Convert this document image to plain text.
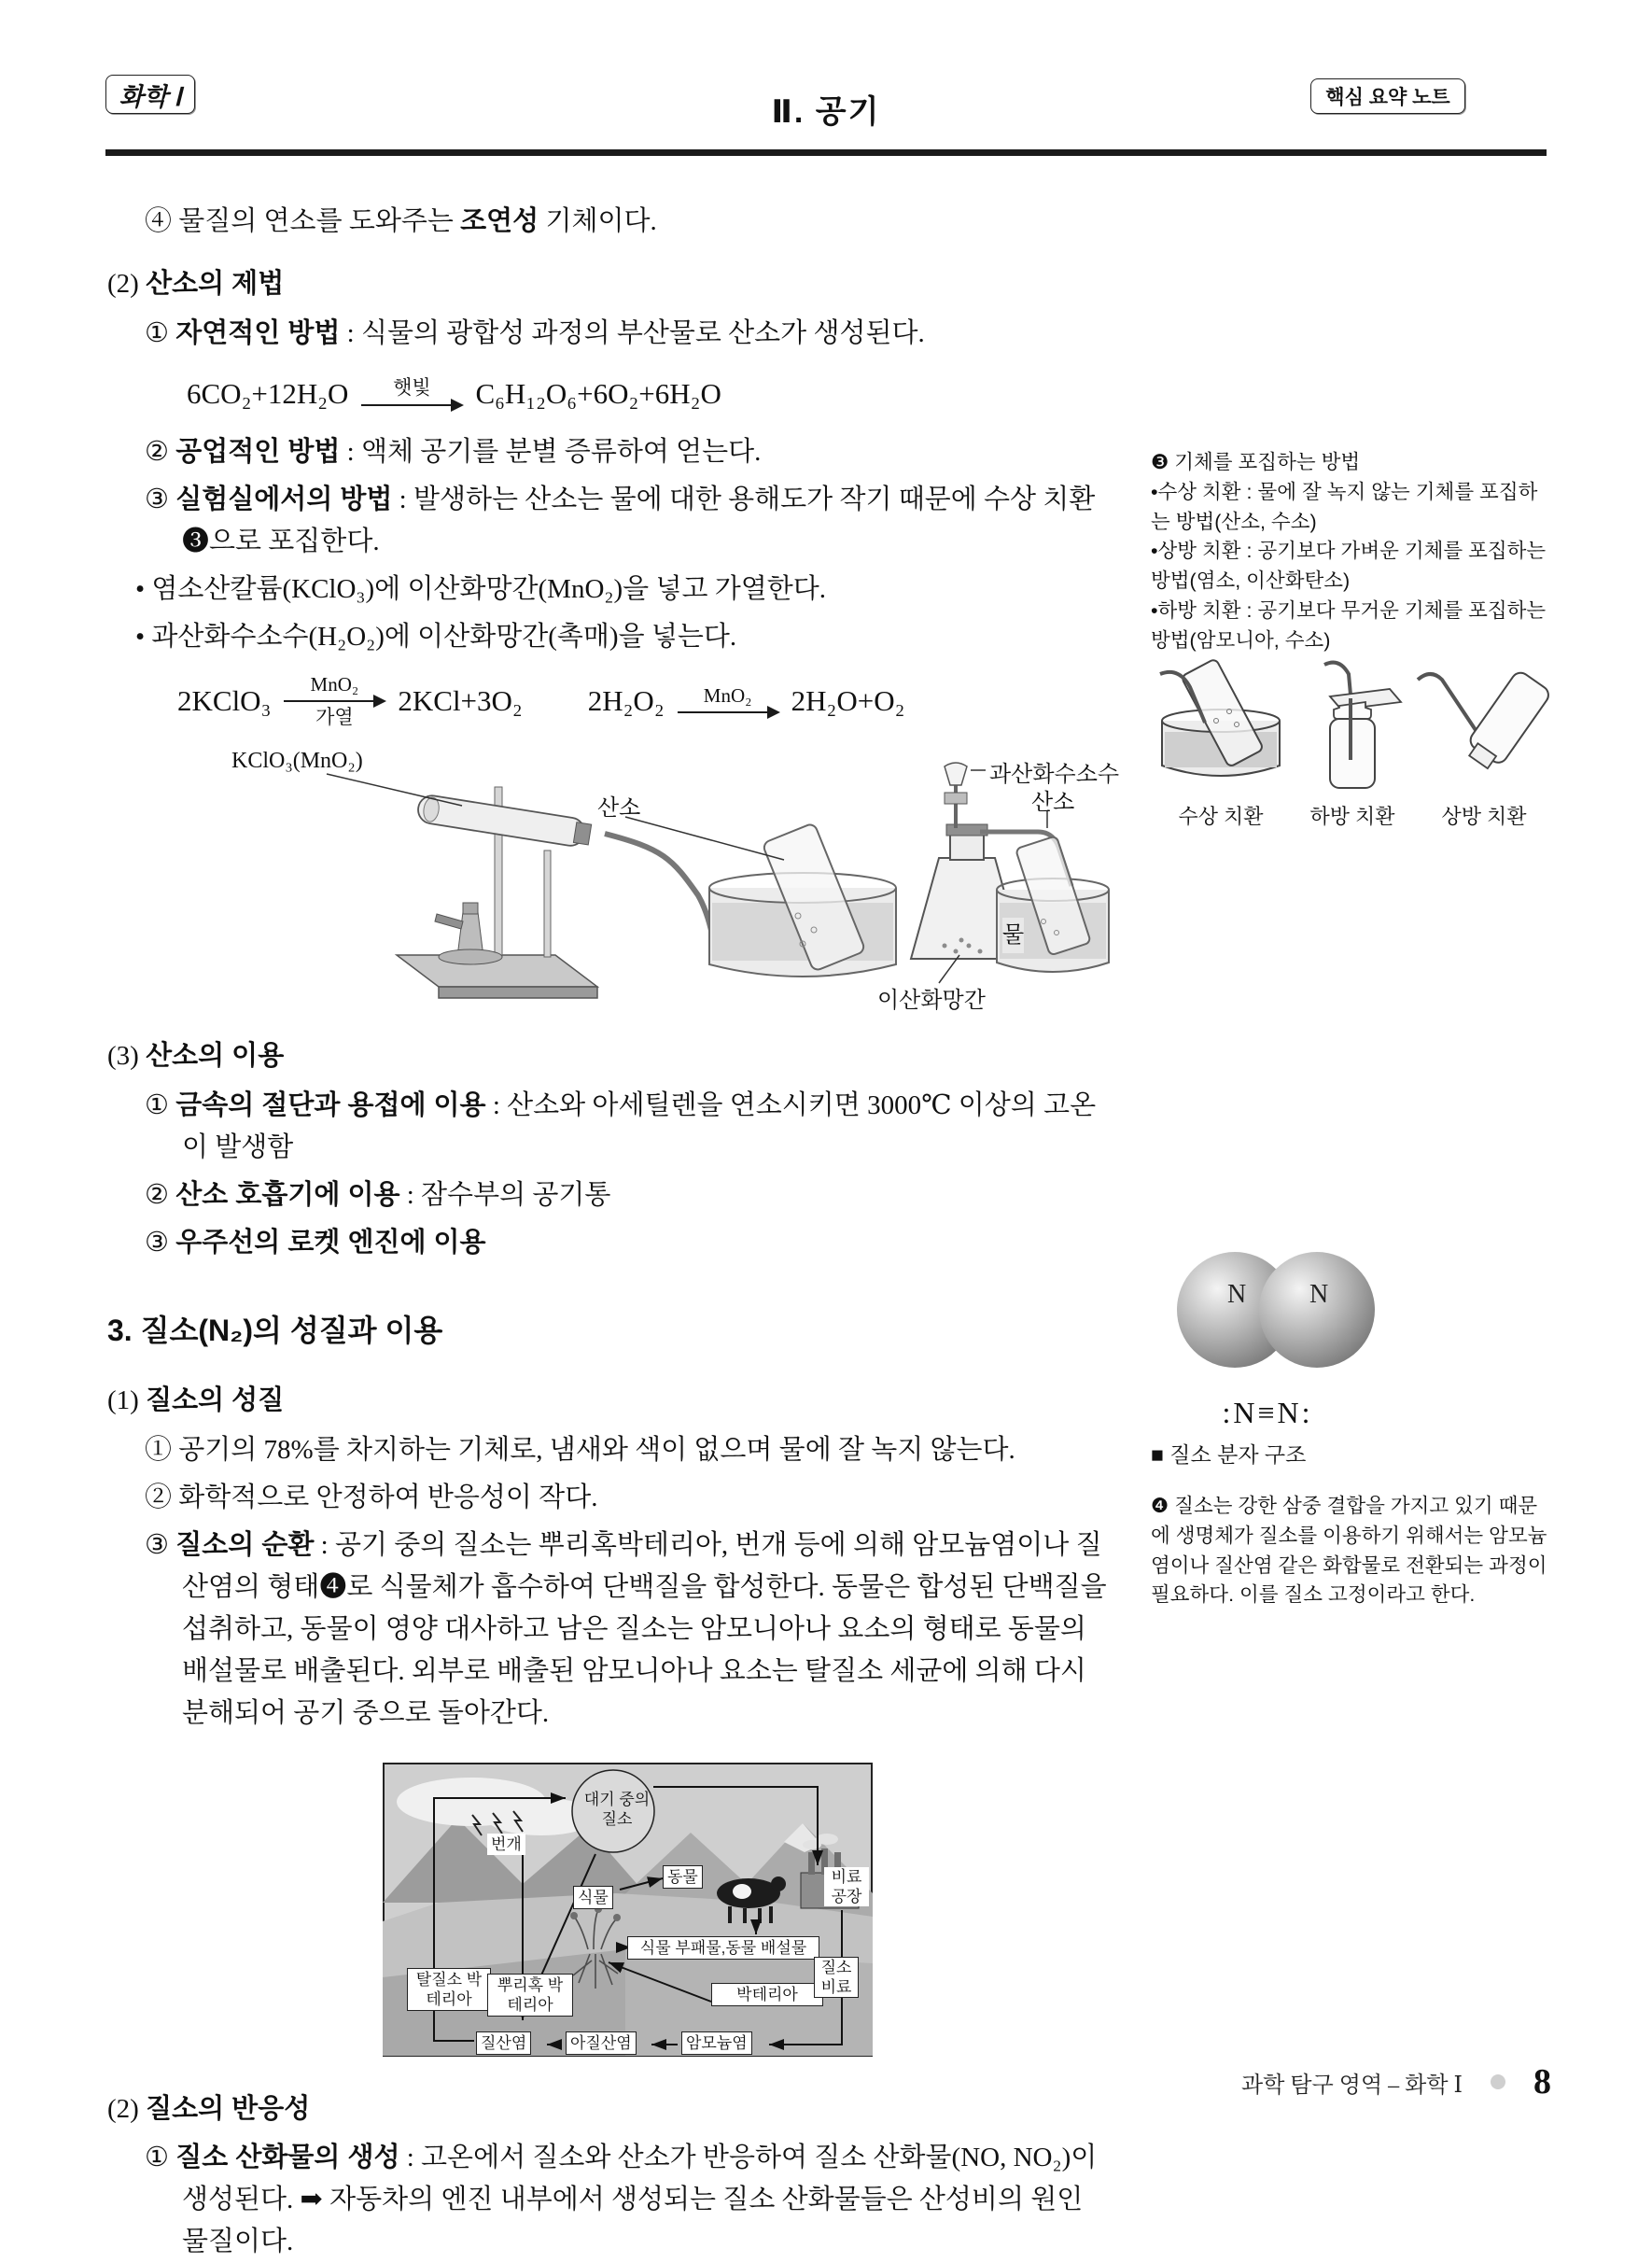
화학 Ⅰ	Ⅱ. 공기	핵심 요약 노트

④ 물질의 연소를 도와주는 조연성 기체이다.

(2) 산소의 제법

① 자연적인 방법 : 식물의 광합성 과정의 부산물로 산소가 생성된다.

6CO₂+12H₂O 햇빛 C₆H₁₂O₆+6O₂+6H₂O

② 공업적인 방법 : 액체 공기를 분별 증류하여 얻는다.

③ 실험실에서의 방법 : 발생하는 산소는 물에 대한 용해도가 작기 때문에 수상 치환❸으로 포집한다.

• 염소산칼륨(KClO₃)에 이산화망간(MnO₂)을 넣고 가열한다.

• 과산화수소수(H₂O₂)에 이산화망간(촉매)을 넣는다.

2KClO₃
MnO₂
가열
2KCl+3O₂ 2H₂O₂ MnO₂ 2H₂O+O₂
KClO₃(MnO₂)
산소
과산화수소수
산소
물
이산화망간

(3) 산소의 이용

① 금속의 절단과 용접에 이용 : 산소와 아세틸렌을 연소시키면 3000℃ 이상의 고온이 발생함

② 산소 호흡기에 이용 : 잠수부의 공기통

③ 우주선의 로켓 엔진에 이용

3. 질소(N₂)의 성질과 이용

(1) 질소의 성질

① 공기의 78%를 차지하는 기체로, 냄새와 색이 없으며 물에 잘 녹지 않는다.

② 화학적으로 안정하여 반응성이 작다.

③ 질소의 순환 : 공기 중의 질소는 뿌리혹박테리아, 번개 등에 의해 암모늄염이나 질산염의 형태❹로 식물체가 흡수하여 단백질을 합성한다. 동물은 합성된 단백질을 섭취하고, 동물이 영양 대사하고 남은 질소는 암모니아나 요소의 형태로 동물의 배설물로 배출된다. 외부로 배출된 암모니아나 요소는 탈질소 세균에 의해 다시 분해되어 공기 중으로 돌아간다.

대기 중의 질소
번개
동물
식물
비료 공장
식물 부패물,동물 배설물
박테리아
탈질소 박테리아
뿌리혹 박테리아
질산염	아질산염	암모늄염
질소 비료

(2) 질소의 반응성

① 질소 산화물의 생성 : 고온에서 질소와 산소가 반응하여 질소 산화물(NO, NO₂)이 생성된다. ➡ 자동차의 엔진 내부에서 생성되는 질소 산화물들은 산성비의 원인 물질이다.

❸ 기체를 포집하는 방법

•수상 치환 : 물에 잘 녹지 않는 기체를 포집하는 방법(산소, 수소)

•상방 치환 : 공기보다 가벼운 기체를 포집하는 방법(염소, 이산화탄소)

•하방 치환 : 공기보다 무거운 기체를 포집하는 방법(암모니아, 수소)

수상 치환 하방 치환 상방 치환
N N
:N≡N:
■ 질소 분자 구조

❹ 질소는 강한 삼중 결합을 가지고 있기 때문에 생명체가 질소를 이용하기 위해서는 암모늄염이나 질산염 같은 화합물로 전환되는 과정이 필요하다. 이를 질소 고정이라고 한다.

과학 탐구 영역 – 화학 Ⅰ 8
